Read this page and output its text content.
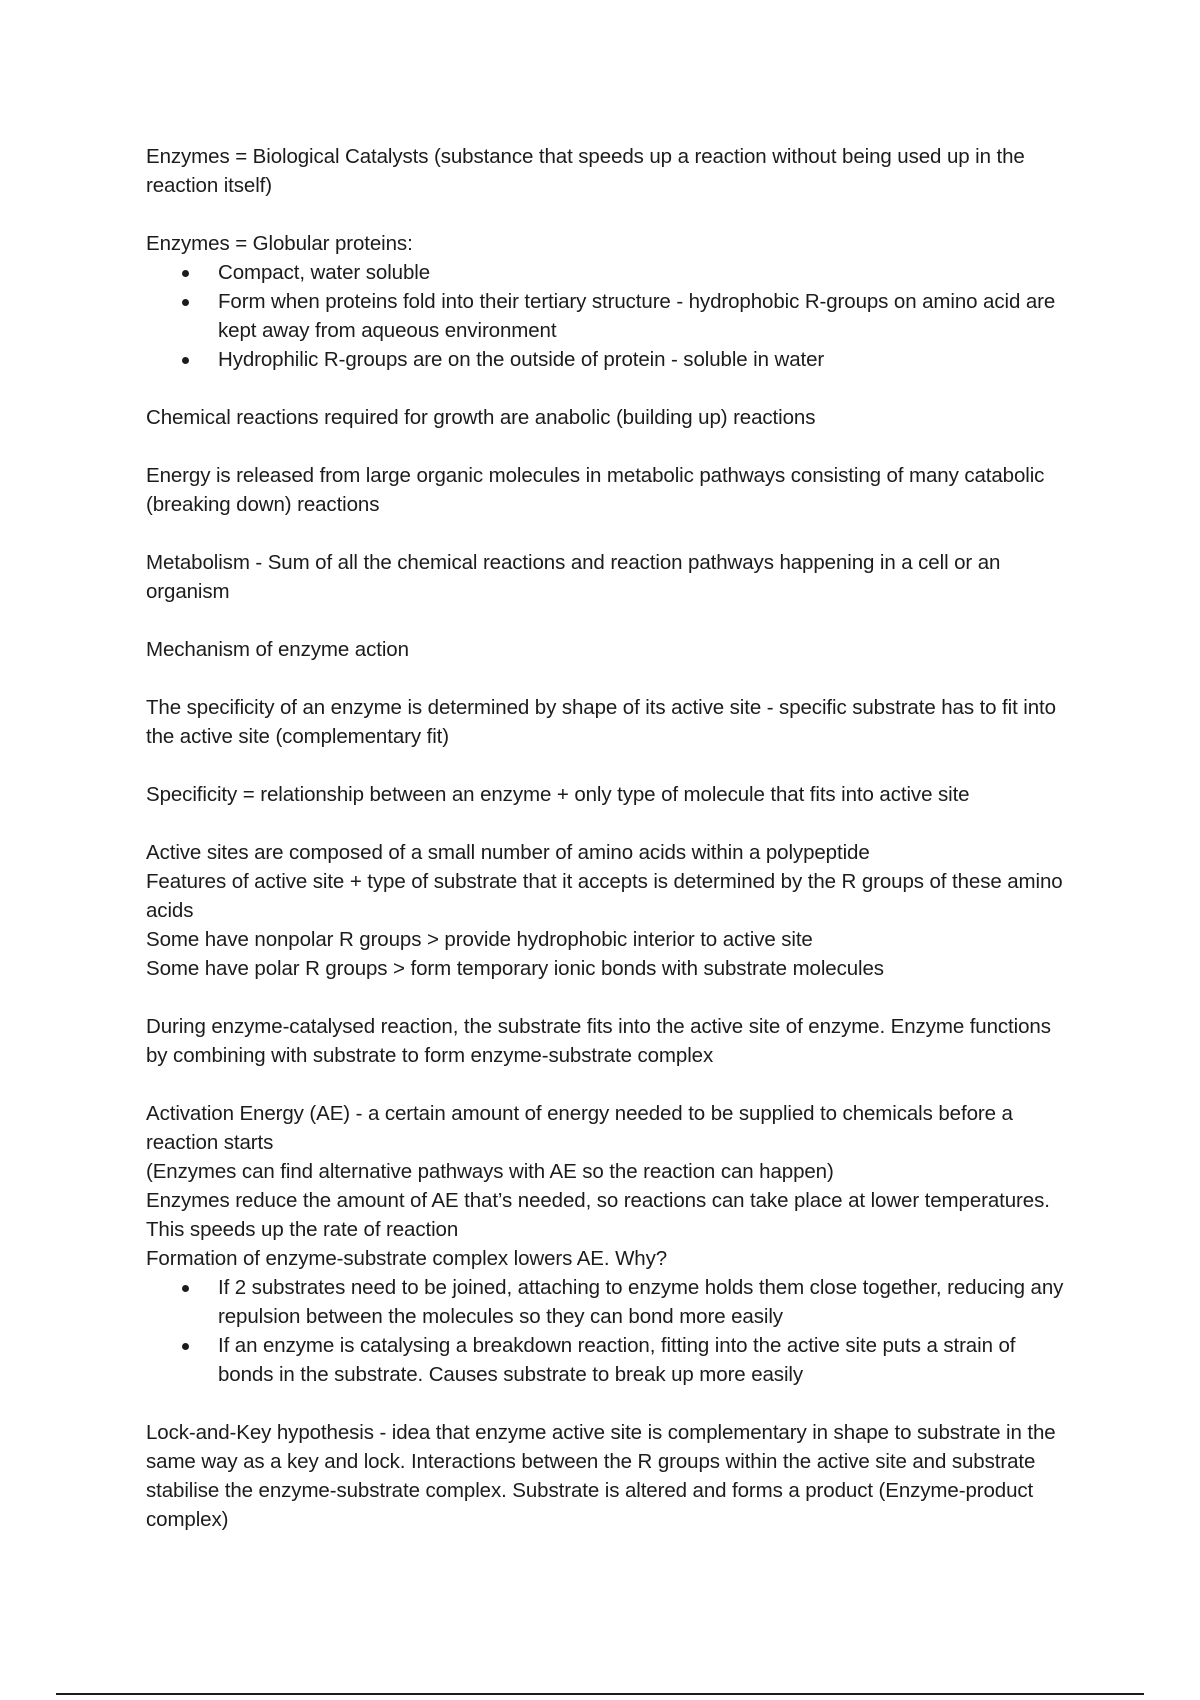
Enzymes = Biological Catalysts (substance that speeds up a reaction without being used up in the reaction itself)

Enzymes = Globular proteins:
Compact, water soluble
Form when proteins fold into their tertiary structure - hydrophobic R-groups on amino acid are kept away from aqueous environment
Hydrophilic R-groups are on the outside of protein - soluble in water

Chemical reactions required for growth are anabolic (building up) reactions

Energy is released from large organic molecules in metabolic pathways consisting of many catabolic (breaking down) reactions

Metabolism - Sum of all the chemical reactions and reaction pathways happening in a cell or an organism

Mechanism of enzyme action

The specificity of an enzyme is determined by shape of its active site - specific substrate has to fit into the active site (complementary fit)

Specificity = relationship between an enzyme + only type of molecule that fits into active site

Active sites are composed of a small number of amino acids within a polypeptide
Features of active site + type of substrate that it accepts is determined by the R groups of these amino acids
Some have nonpolar R groups > provide hydrophobic interior to active site
Some have polar R groups > form temporary ionic bonds with substrate molecules

During enzyme-catalysed reaction, the substrate fits into the active site of enzyme. Enzyme functions by combining with substrate to form enzyme-substrate complex

Activation Energy (AE) - a certain amount of energy needed to be supplied to chemicals before a reaction starts
(Enzymes can find alternative pathways with AE so the reaction can happen)
Enzymes reduce the amount of AE that’s needed, so reactions can take place at lower temperatures. This speeds up the rate of reaction
Formation of enzyme-substrate complex lowers AE. Why?
If 2 substrates need to be joined, attaching to enzyme holds them close together, reducing any repulsion between the molecules so they can bond more easily
If an enzyme is catalysing a breakdown reaction, fitting into the active site puts a strain of bonds in the substrate. Causes substrate to break up more easily

Lock-and-Key hypothesis - idea that enzyme active site is complementary in shape to substrate in the same way as a key and lock. Interactions between the R groups within the active site and substrate stabilise the enzyme-substrate complex. Substrate is altered and forms a product (Enzyme-product complex)
